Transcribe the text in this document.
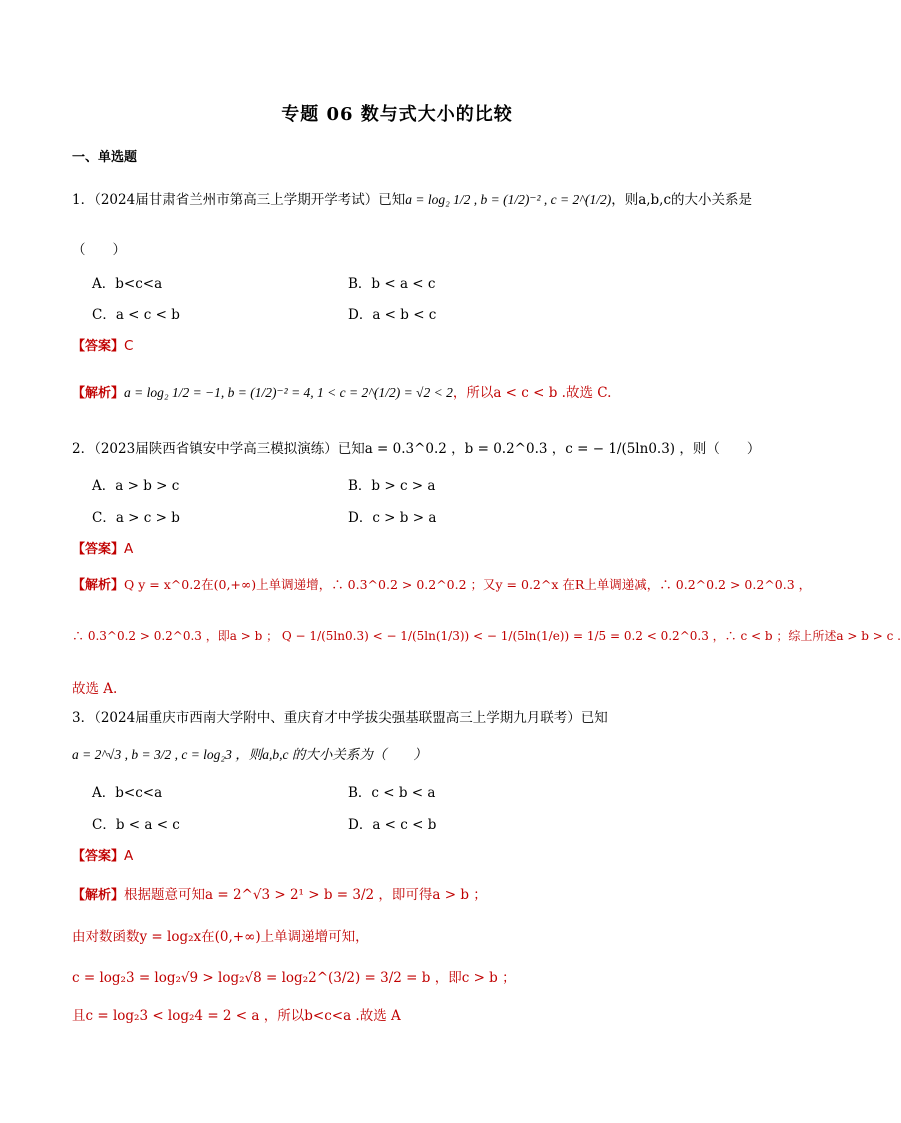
专题 06 数与式大小的比较
一、单选题
1．（2024届甘肃省兰州市第高三上学期开学考试）已知a = log₂ 1/2 , b = (1/2)⁻² , c = 2^(1/2)，则a,b,c的大小关系是
（　　）
A．b<c<a	B．b < a < c
C．a < c < b	D．a < b < c
【答案】C
【解析】a = log₂ 1/2 = −1, b = (1/2)⁻² = 4, 1 < c = 2^(1/2) = √2 < 2，所以a < c < b .故选 C.
2．（2023届陕西省镇安中学高三模拟演练）已知a = 0.3^0.2 ，b = 0.2^0.3 ，c = − 1/(5ln0.3) ，则（　　）
A．a > b > c	B．b > c > a
C．a > c > b	D．c > b > a
【答案】A
【解析】Q y = x^0.2在(0,+∞)上单调递增，∴ 0.3^0.2 > 0.2^0.2 ；又y = 0.2^x 在R上单调递减，∴ 0.2^0.2 > 0.2^0.3 ，
∴ 0.3^0.2 > 0.2^0.3 ，即a > b ； Q − 1/(5ln0.3) < − 1/(5ln(1/3)) < − 1/(5ln(1/e)) = 1/5 = 0.2 < 0.2^0.3 ，∴ c < b ；综上所述a > b > c .
故选 A.
3．（2024届重庆市西南大学附中、重庆育才中学拔尖强基联盟高三上学期九月联考）已知
a = 2^√3 , b = 3/2 , c = log₂3 ，则a,b,c 的大小关系为（　　）
A．b<c<a	B．c < b < a
C．b < a < c	D．a < c < b
【答案】A
【解析】根据题意可知a = 2^√3 > 2¹ > b = 3/2 ，即可得a > b ；
由对数函数y = log₂x在(0,+∞)上单调递增可知，
c = log₂3 = log₂√9 > log₂√8 = log₂2^(3/2) = 3/2 = b ，即c > b ；
且c = log₂3 < log₂4 = 2 < a ，所以b<c<a .故选 A
